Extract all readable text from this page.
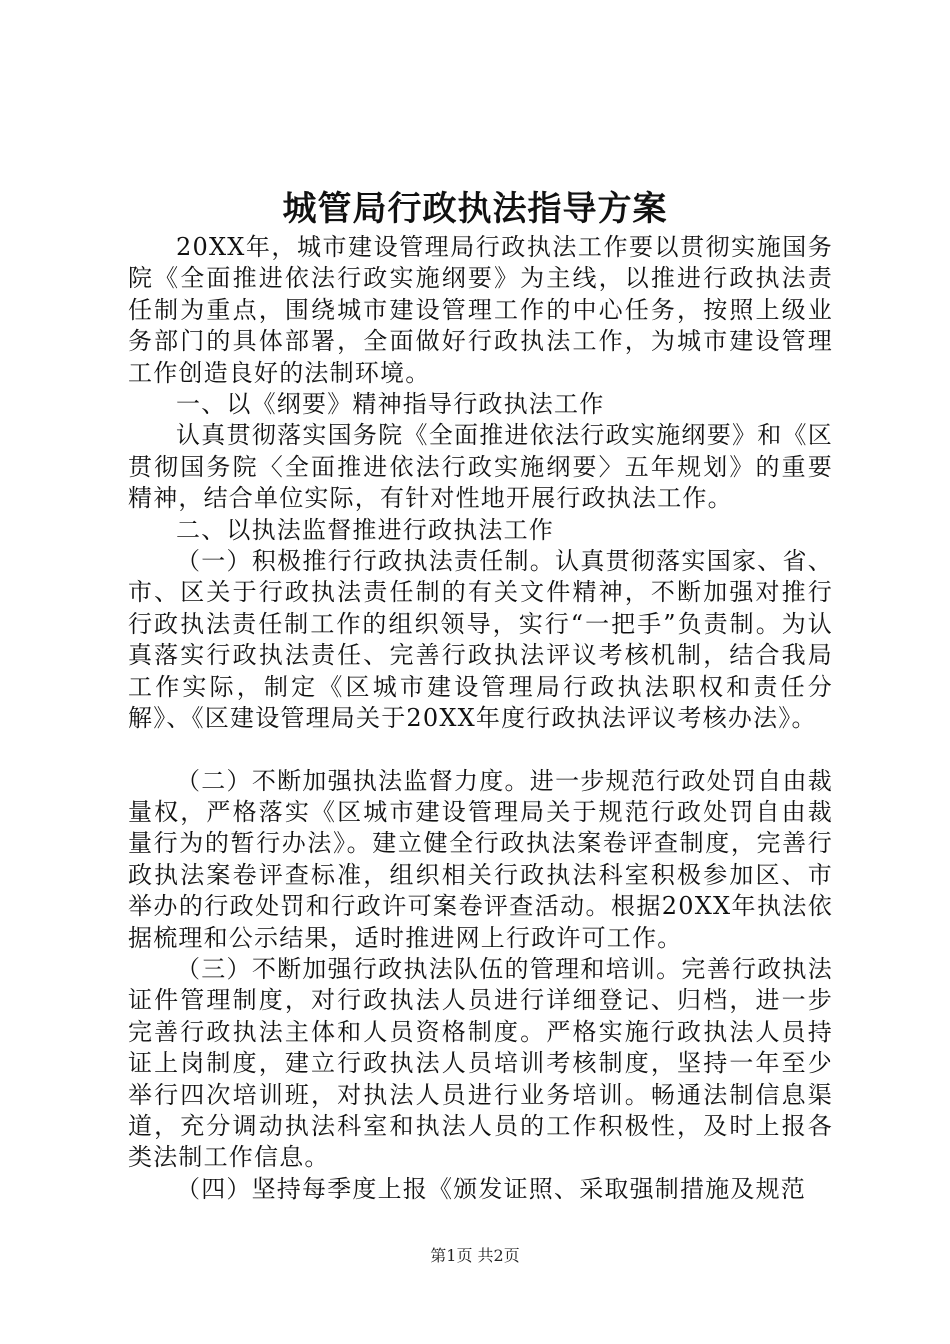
城管局行政执法指导方案

20XX年，城市建设管理局行政执法工作要以贯彻实施国务院《全面推进依法行政实施纲要》为主线，以推进行政执法责任制为重点，围绕城市建设管理工作的中心任务，按照上级业务部门的具体部署，全面做好行政执法工作，为城市建设管理工作创造良好的法制环境。

一、以《纲要》精神指导行政执法工作

认真贯彻落实国务院《全面推进依法行政实施纲要》和《区贯彻国务院〈全面推进依法行政实施纲要〉五年规划》的重要精神，结合单位实际，有针对性地开展行政执法工作。

二、以执法监督推进行政执法工作

（一）积极推行行政执法责任制。认真贯彻落实国家、省、市、区关于行政执法责任制的有关文件精神，不断加强对推行行政执法责任制工作的组织领导，实行“一把手”负责制。为认真落实行政执法责任、完善行政执法评议考核机制，结合我局工作实际，制定《区城市建设管理局行政执法职权和责任分解》、《区建设管理局关于20XX年度行政执法评议考核办法》。

（二）不断加强执法监督力度。进一步规范行政处罚自由裁量权，严格落实《区城市建设管理局关于规范行政处罚自由裁量行为的暂行办法》。建立健全行政执法案卷评查制度，完善行政执法案卷评查标准，组织相关行政执法科室积极参加区、市举办的行政处罚和行政许可案卷评查活动。根据20XX年执法依据梳理和公示结果，适时推进网上行政许可工作。

（三）不断加强行政执法队伍的管理和培训。完善行政执法证件管理制度，对行政执法人员进行详细登记、归档，进一步完善行政执法主体和人员资格制度。严格实施行政执法人员持证上岗制度，建立行政执法人员培训考核制度，坚持一年至少举行四次培训班，对执法人员进行业务培训。畅通法制信息渠道，充分调动执法科室和执法人员的工作积极性，及时上报各类法制工作信息。

（四）坚持每季度上报《颁发证照、采取强制措施及规范

第1页 共2页
